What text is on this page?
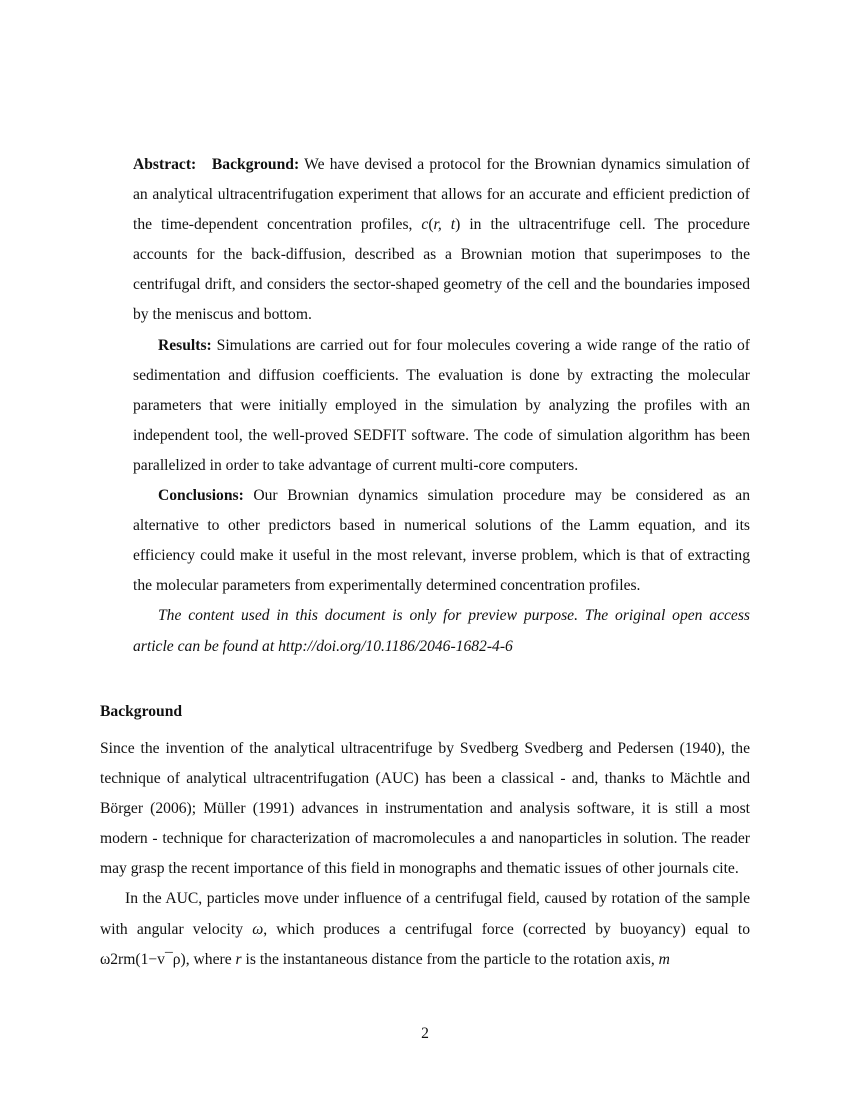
Abstract: Background: We have devised a protocol for the Brownian dynamics simulation of an analytical ultracentrifugation experiment that allows for an accurate and efficient prediction of the time-dependent concentration profiles, c(r, t) in the ultracentrifuge cell. The procedure accounts for the back-diffusion, described as a Brownian motion that superimposes to the centrifugal drift, and considers the sector-shaped geometry of the cell and the boundaries imposed by the meniscus and bottom.

Results: Simulations are carried out for four molecules covering a wide range of the ratio of sedimentation and diffusion coefficients. The evaluation is done by extracting the molecular parameters that were initially employed in the simulation by analyzing the profiles with an independent tool, the well-proved SEDFIT software. The code of simulation algorithm has been parallelized in order to take advantage of current multi-core computers.

Conclusions: Our Brownian dynamics simulation procedure may be considered as an alternative to other predictors based in numerical solutions of the Lamm equation, and its efficiency could make it useful in the most relevant, inverse problem, which is that of extracting the molecular parameters from experimentally determined concentration profiles.

The content used in this document is only for preview purpose. The original open access article can be found at http://doi.org/10.1186/2046-1682-4-6

Background

Since the invention of the analytical ultracentrifuge by Svedberg Svedberg and Pedersen (1940), the technique of analytical ultracentrifugation (AUC) has been a classical - and, thanks to Mächtle and Börger (2006); Müller (1991) advances in instrumentation and analysis software, it is still a most modern - technique for characterization of macromolecules a and nanoparticles in solution. The reader may grasp the recent importance of this field in monographs and thematic issues of other journals cite.

In the AUC, particles move under influence of a centrifugal field, caused by rotation of the sample with angular velocity ω, which produces a centrifugal force (corrected by buoyancy) equal to ω2rm(1−v¯ρ), where r is the instantaneous distance from the particle to the rotation axis, m

2
